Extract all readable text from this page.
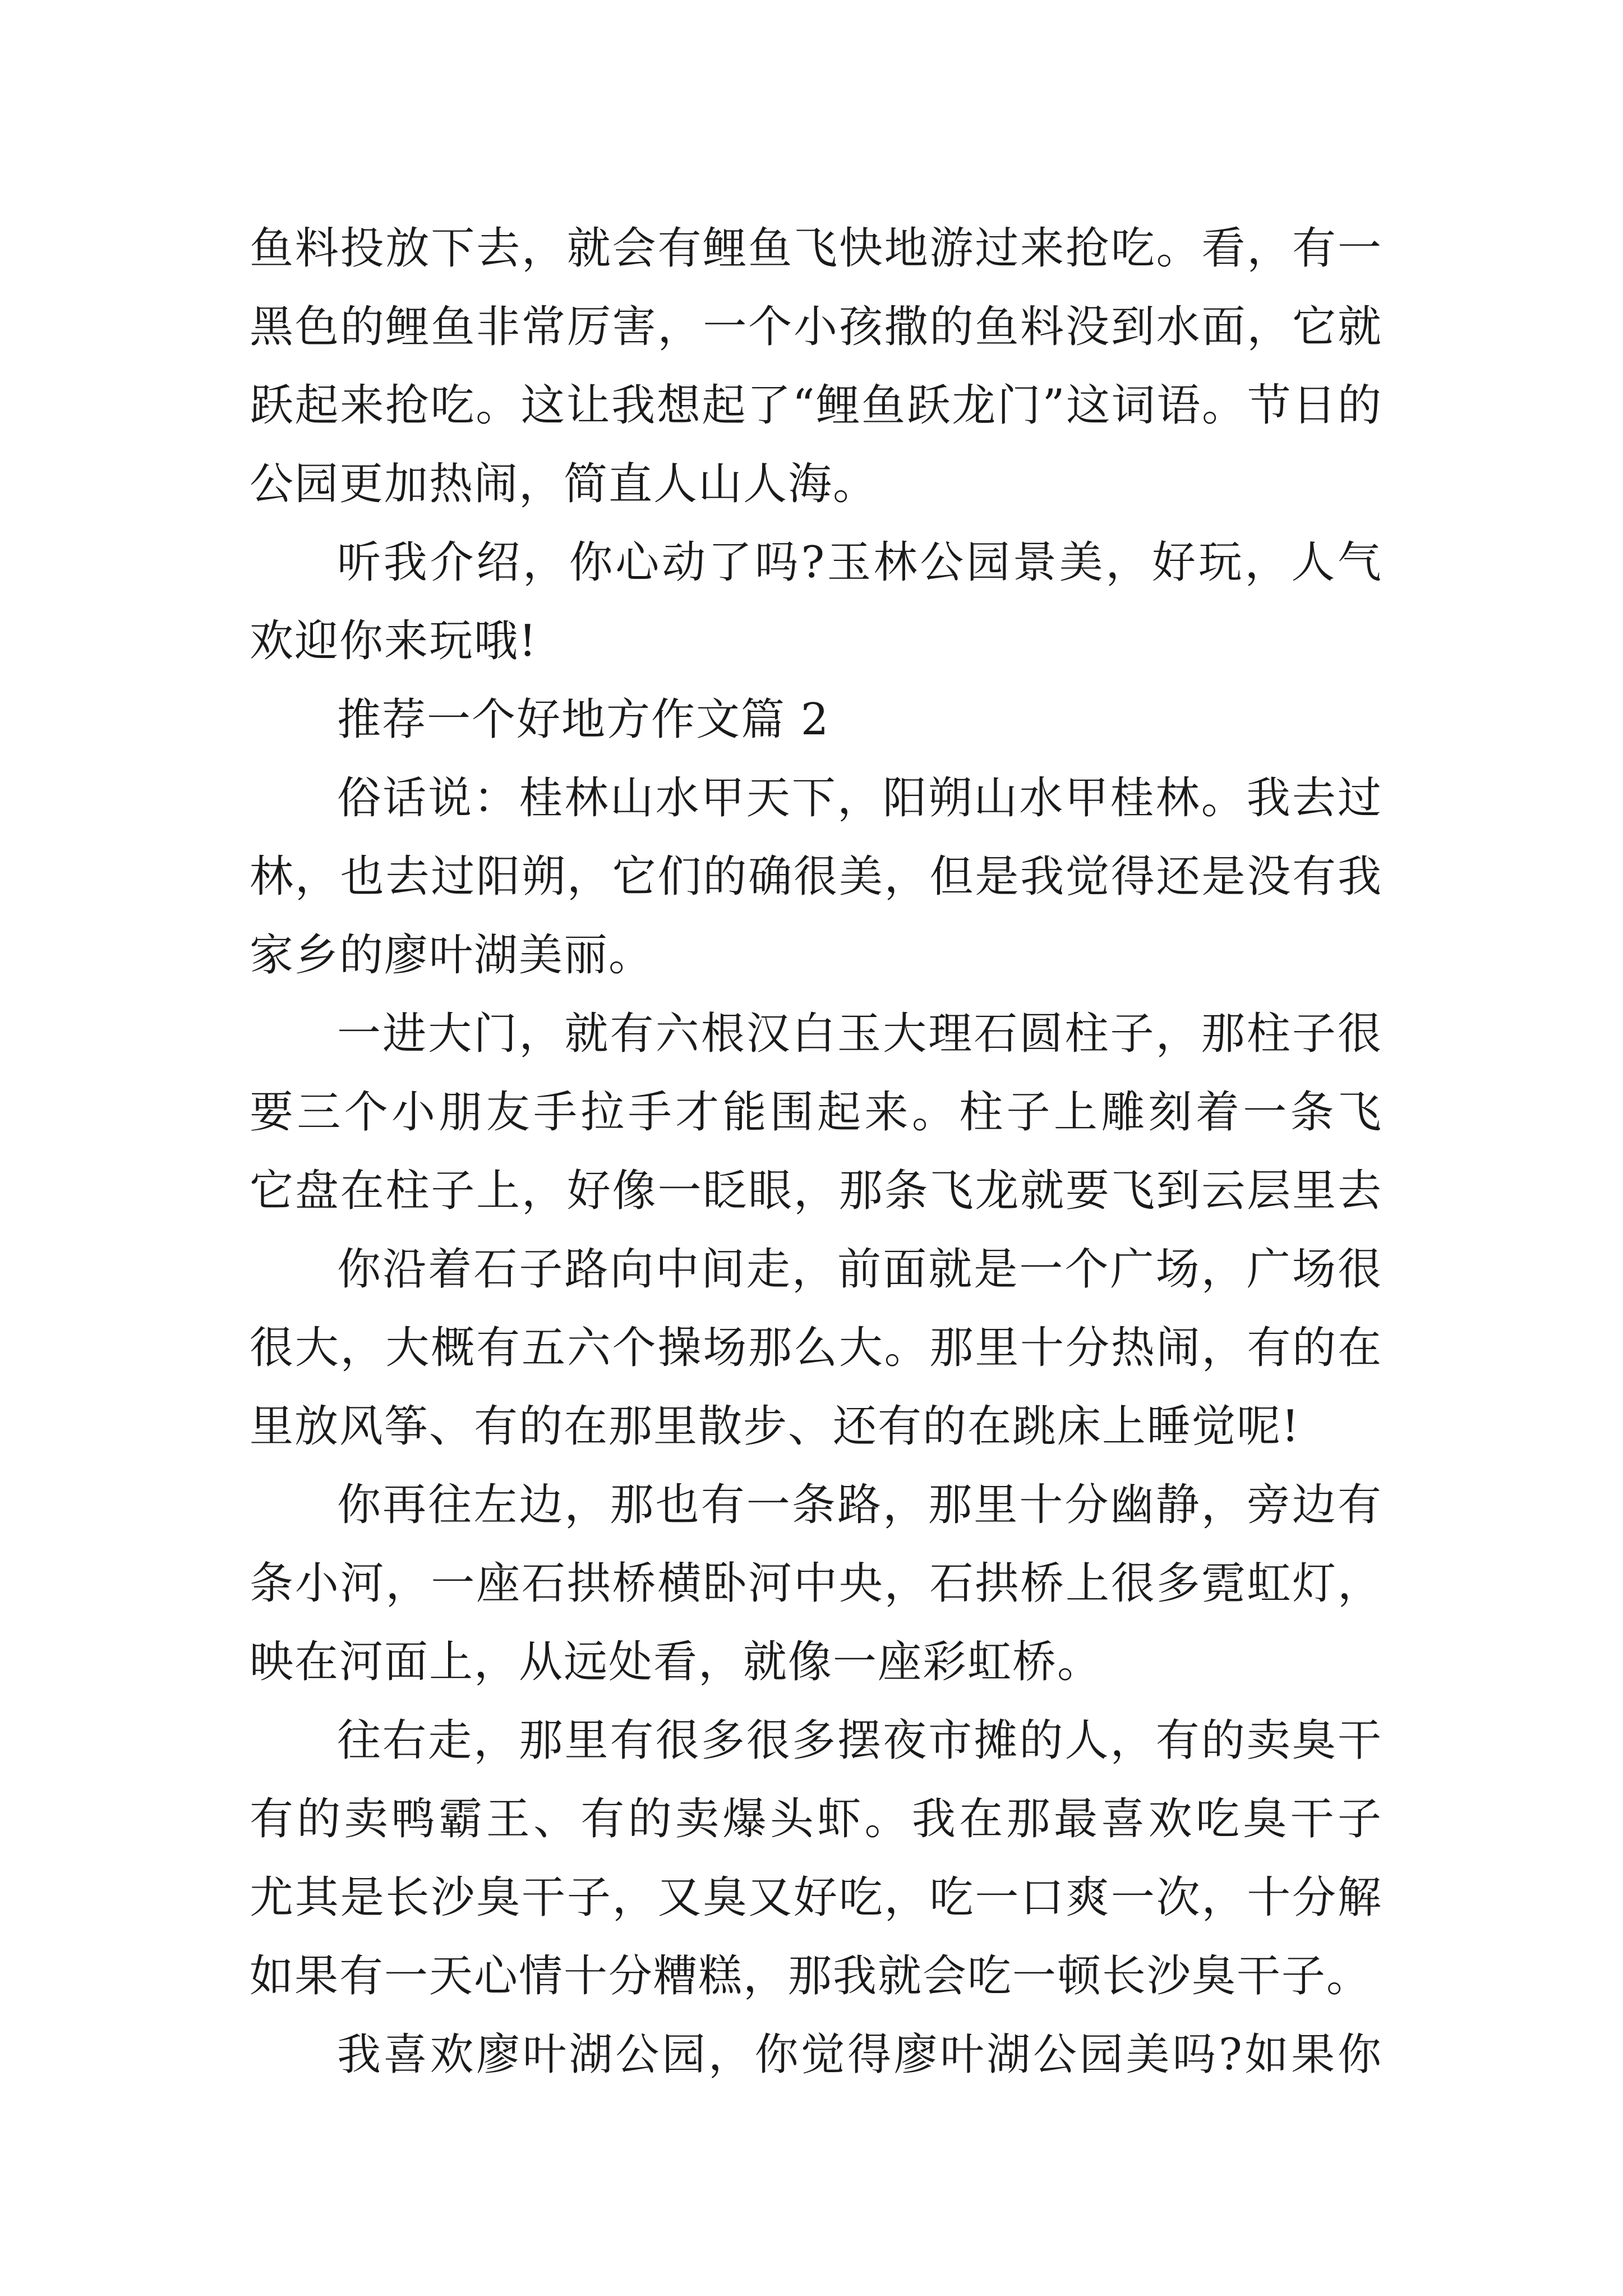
鱼料投放下去，就会有鲤鱼飞快地游过来抢吃。看，有一
黑色的鲤鱼非常厉害，一个小孩撒的鱼料没到水面，它就
跃起来抢吃。这让我想起了“鲤鱼跃龙门”这词语。节日的
公园更加热闹，简直人山人海。
听我介绍，你心动了吗?玉林公园景美，好玩，人气
欢迎你来玩哦!
推荐一个好地方作文篇 2
俗话说：桂林山水甲天下，阳朔山水甲桂林。我去过
林，也去过阳朔，它们的确很美，但是我觉得还是没有我
家乡的廖叶湖美丽。
一进大门，就有六根汉白玉大理石圆柱子，那柱子很
要三个小朋友手拉手才能围起来。柱子上雕刻着一条飞
它盘在柱子上，好像一眨眼，那条飞龙就要飞到云层里去
你沿着石子路向中间走，前面就是一个广场，广场很
很大，大概有五六个操场那么大。那里十分热闹，有的在
里放风筝、有的在那里散步、还有的在跳床上睡觉呢!
你再往左边，那也有一条路，那里十分幽静，旁边有
条小河，一座石拱桥横卧河中央，石拱桥上很多霓虹灯，
映在河面上，从远处看，就像一座彩虹桥。
往右走，那里有很多很多摆夜市摊的人，有的卖臭干
有的卖鸭霸王、有的卖爆头虾。我在那最喜欢吃臭干子
尤其是长沙臭干子，又臭又好吃，吃一口爽一次，十分解
如果有一天心情十分糟糕，那我就会吃一顿长沙臭干子。
我喜欢廖叶湖公园，你觉得廖叶湖公园美吗?如果你
